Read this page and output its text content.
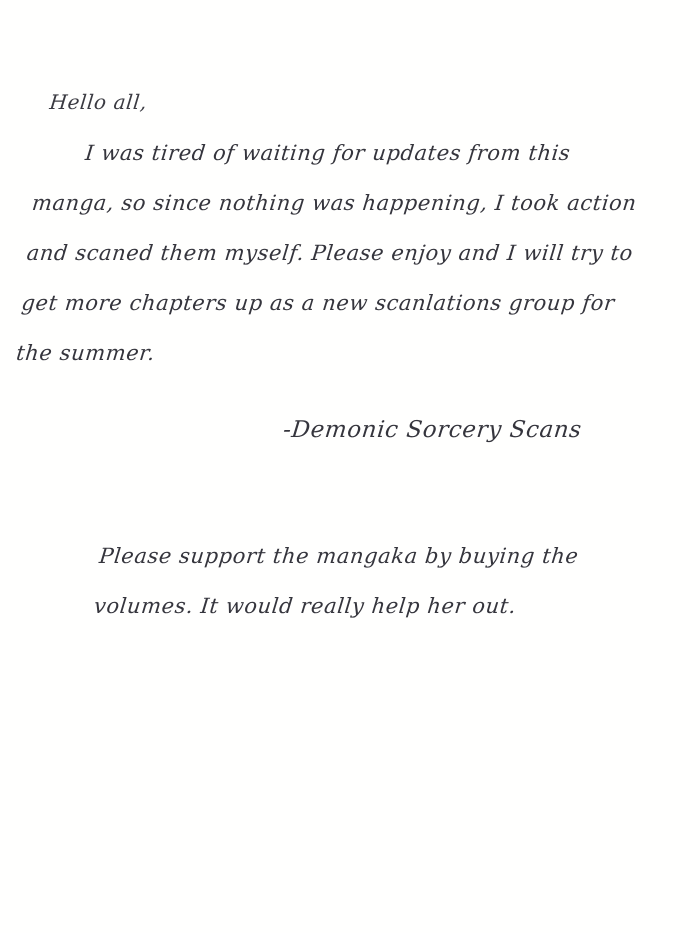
Hello all,
I was tired of waiting for updates from this manga, so since nothing was happening, I took action and scaned them myself. Please enjoy and I will try to get more chapters up as a new scanlations group for the summer.
-Demonic Sorcery Scans
Please support the mangaka by buying the volumes. It would really help her out.
